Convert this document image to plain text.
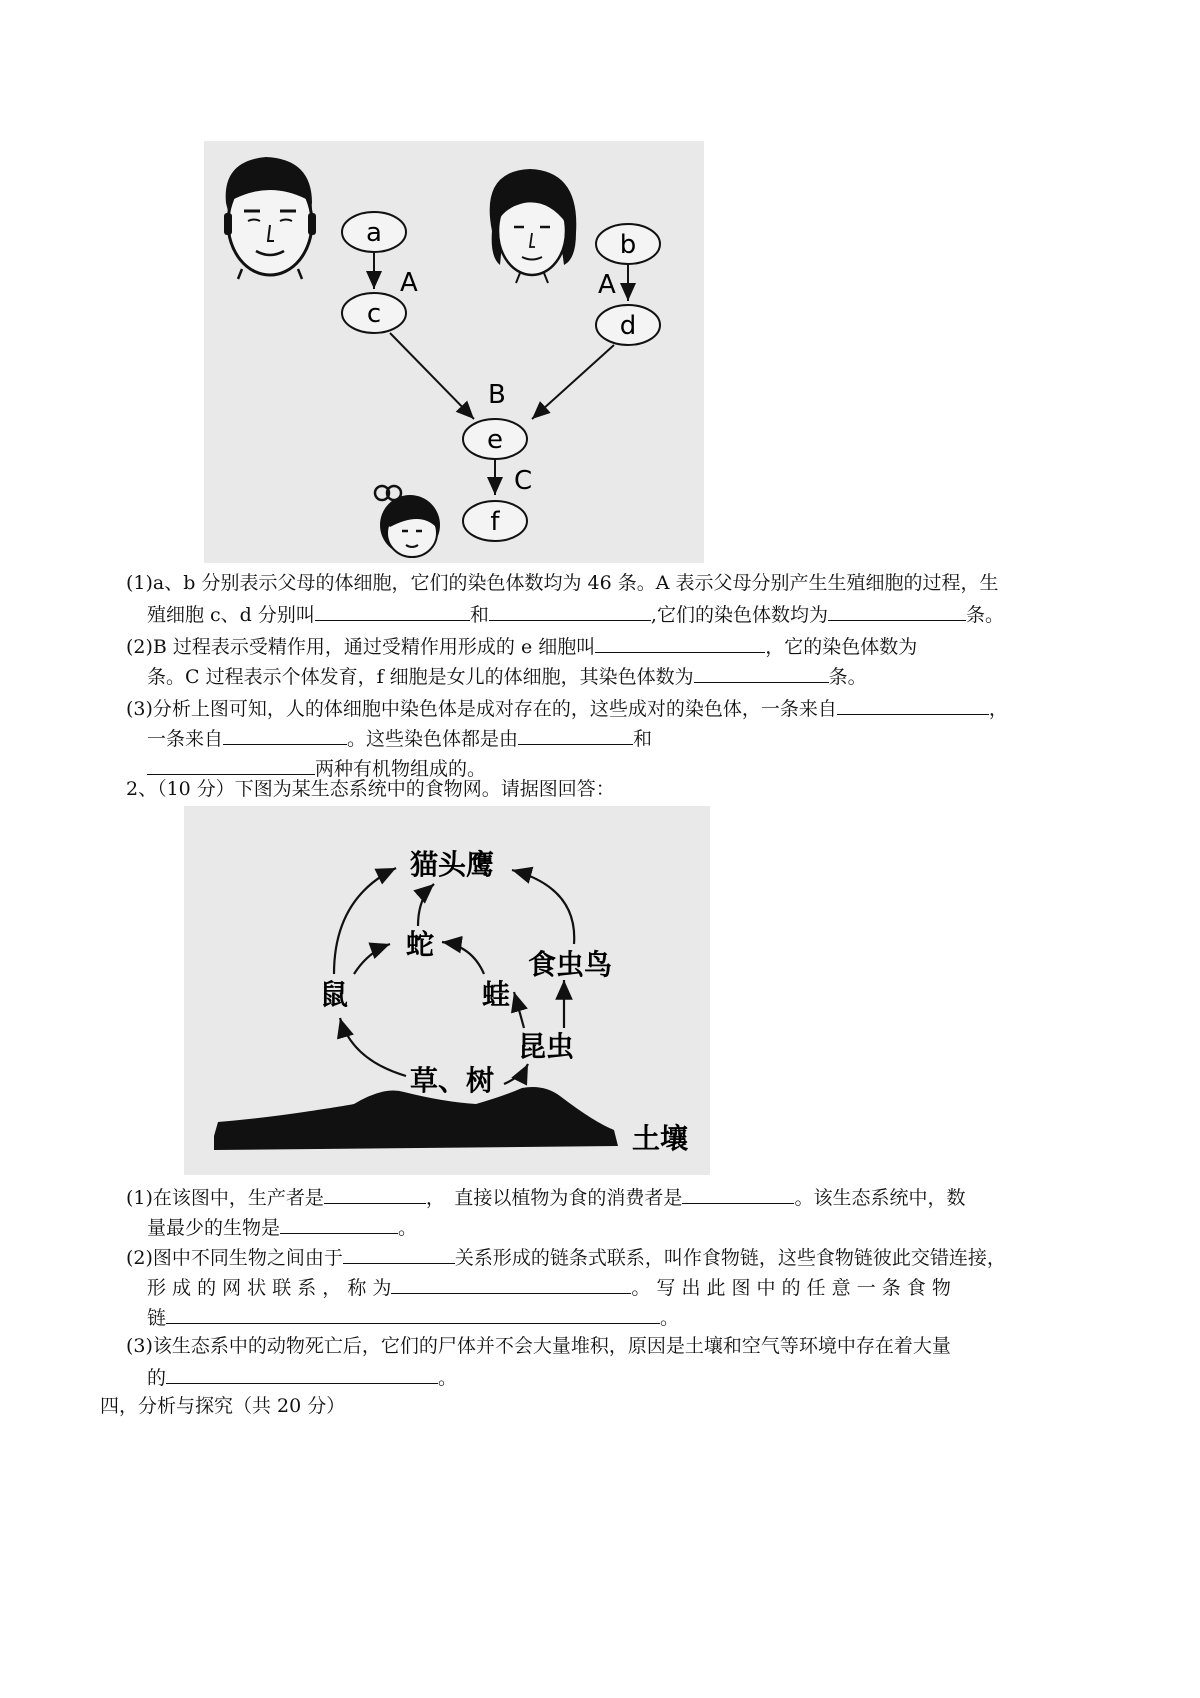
a	b
c	d
e
f
A	A
B
C
(1)a、b 分别表示父母的体细胞，它们的染色体数均为 46 条。A 表示父母分别产生生殖细胞的过程，生
殖细胞 c、d 分别叫	和	,它们的染色体数均为	条。
(2)B 过程表示受精作用，通过受精作用形成的 e 细胞叫	，它的染色体数为
条。C 过程表示个体发育，f 细胞是女儿的体细胞，其染色体数为	条。
(3)分析上图可知，人的体细胞中染色体是成对存在的，这些成对的染色体，一条来自	，
一条来自	。这些染色体都是由	和
两种有机物组成的。
2、（10 分）下图为某生态系统中的食物网。请据图回答：
猫头鹰
蛇
食虫鸟
鼠	蛙
昆虫
草、树
土壤
(1)在该图中，生产者是	，　直接以植物为食的消费者是	。该生态系统中，数
量最少的生物是	。
(2)图中不同生物之间由于	关系形成的链条式联系，叫作食物链，这些食物链彼此交错连接，
形 成 的 网 状 联 系 ， 称 为	。 写 出 此 图 中 的 任 意 一 条 食 物
链	。
(3)该生态系中的动物死亡后，它们的尸体并不会大量堆积，原因是土壤和空气等环境中存在着大量
的	。
四，分析与探究（共 20 分）
